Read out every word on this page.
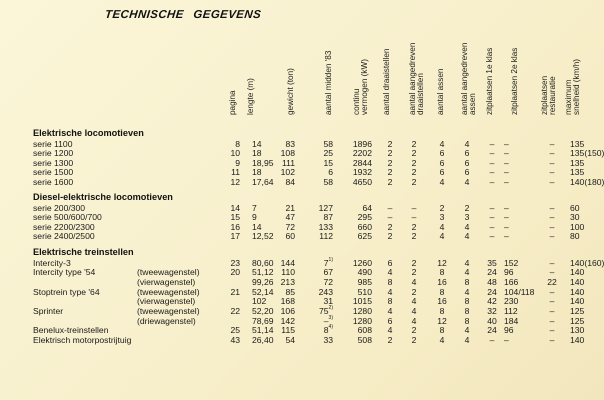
TECHNISCHE GEGEVENS
pagina lengte (m)	gewicht (ton)	aantal midden '83 continu vermogen (kW) aantal draaistellen aantal aangedreven draaistellen aantal assen aantal aangedreven assen zitplaatsen 1e klas zitplaatsen 2e klas	zitplaatsen restauratie maximum snelheid (km/h)
Elektrische locomotieven
serie 1100	8 14	83	58 1896 2 2	4	4	–	–	–	135
serie 1200	10 18 108	25 2202 2 2	6	6	–	–	–	135(150)
serie 1300	9 18,95 111	15 2844 2 2	6	6	–	–	–	135
serie 1500	11 18 102	6 1932 2 2	6	6	–	–	–	135
serie 1600	12 17,64 84	58 4650 2 2	4	4	–	–	–	140(180)
Diesel-elektrische locomotieven
serie 200/300	14 7	21	127	64 – –	2	2	–	–	–	60
serie 500/600/700	15 9	47	87	295 – –	3	3	–	–	–	30
serie 2200/2300	16 14	72	133	660 2 2	4	4	–	–	–	100
serie 2400/2500	17 12,52 60	112	625 2 2	4	4	–	–	–	80
Elektrische treinstellen
Intercity-3	23 80,60 144	7$^{1)}$ 1260 6 2 12	4	35 152	–	140(160)
Intercity type '54	(tweewagenstel)	20 51,12 110	67	490 4 2	8	4	24 96	–	140
(vierwagenstel)	99,26 213	72	985 8 4 16	8	48 166	22 140
Stoptrein type '64	(tweewagenstel)	21 52,14 85	243	510 4 2	8	4	24 104/118	–	140
(vierwagenstel)	102 168	31 1015 8 4 16	8	42 230	–	140
Sprinter	(tweewagenstel)	22 52,20 106	75$^{2)}$ 1280 4 4	8	8	32 112	–	125
(driewagenstel)	78,69 142	–$^{3)}$ 1280 6 4 12	8	40 184	–	125
Benelux-treinstellen	25 51,14 115	8$^{4)}$	608 4 2	8	4	24 96	–	130
Elektrisch motorpostrijtuig	43 26,40 54	33	508 2 2	4	4	–	–	–	140
